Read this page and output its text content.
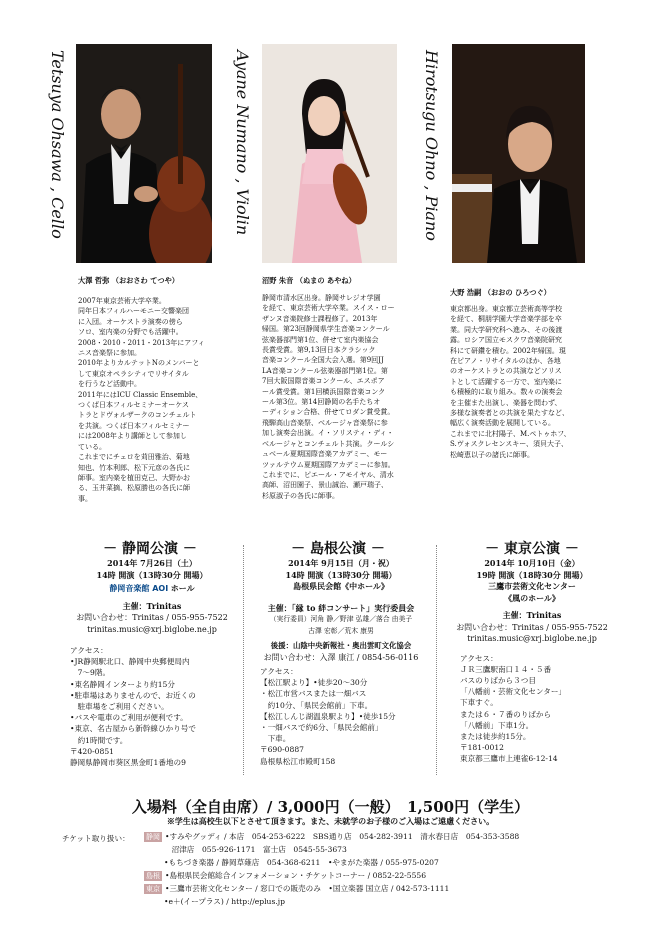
Tetsuya Ohsawa , Cello	Ayane Numano , Violin	Hirotsugu Ohno , Piano
大澤 哲弥 （おおさわ てつや）
2007年東京芸術大学卒業。
同年日本フィルハーモニー交響楽団
に入団。オーケストラ演奏の傍ら
ソロ、室内楽の分野でも活躍中。
2008・2010・2011・2013年にアフィ
ニス音楽祭に参加。
2010年よりカルテットNのメンバーと
して東京オペラシティでリサイタル
を行うなど活動中。
2011年にはICU Classic Ensemble、
つくば日本フィルセミナーオーケス
トラとドヴォルザークのコンチェルト
を共演。つくば日本フィルセミナー
には2008年より講師として参加し
ている。
これまでにチェロを苅田雅治、菊地
知也、竹本利郎、松下元彦の各氏に
師事。室内楽を植田克己、大野かお
る、玉井菜摘、松原勝也の各氏に師
事。
沼野 朱音 （ぬまの あやね）
静岡市清水区出身。静岡サレジオ学園
を経て、東京芸術大学卒業。スイス・ロー
ザンヌ音楽院修士課程修了。2013年
帰国。第23回静岡県学生音楽コンクール
弦楽器部門第1位、併せて室内楽協会
長賞受賞。第9,13回日本クラシック
音楽コンクール全国大会入選。第9回JJ
LA音楽コンクール弦楽器部門第1位。第
7回大阪国際音楽コンクール、エスポア
ール賞受賞。第1回横浜国際音楽コンク
ール第3位。第14回静岡の名手たちオ
ーディション合格、併せてロダン賞受賞。
飛騨高山音楽祭、ベルージャ音楽祭に参
加し演奏会出演。イ・ソリスティ・ディ・
ベルージャとコンチェルト共演。クールシ
ュベール夏期国際音楽アカデミー、モー
ツァルテウム夏期国際アカデミーに参加。
これまでに、ピエール・アモイヤル、清水
高師、沼田園子、景山誠治、瀬戸瑞子、
杉原淑子の各氏に師事。
大野 浩嗣 （おおの ひろつぐ）
東京都出身。東京都立芸術高等学校
を経て、桐朋学園大学音楽学部を卒
業。同大学研究科へ進み、その後渡
露。ロシア国立モスクワ音楽院研究
科にて研鑽を積む。2002年帰国。現
在ピアノ・リサイタルのほか、各地
のオーケストラとの共演などソリス
トとして活躍する一方で、室内楽に
も積極的に取り組み。数々の演奏会
を主催また出演し、楽器を問わず、
多様な演奏者との共演を果たすなど、
幅広く演奏活動を展開している。
これまでに北村陽子、M.ペトゥホフ、
S.ヴォスクレセンスキー、須貝大子、
松崎恵以子の諸氏に師事。
－ 静岡公演 －
2014年 7月26日（土）
14時 開演（13時30分 開場）
静岡音楽館 AOI ホール
主催：Trinitas
お問い合わせ：Trinitas / 055-955-7522
trinitas.music@xrj.biglobe.ne.jp
アクセス：
•JR静岡駅北口、静岡中央郵便局内
　7～9階。
•東名静岡インターより約15分
•駐車場はありませんので、お近くの
　駐車場をご利用ください。
•バスや電車のご利用が便利です。
•東京、名古屋から新幹線ひかり号で
　約1時間です。
〒420-0851
静岡県静岡市葵区黒金町1番地の9
－ 島根公演 －
2014年 9月15日（月・祝）
14時 開演（13時30分 開場）
島根県民会館《中ホール》
主催：「縁 to 絆コンサート」実行委員会
（実行委員）河角 静／野津 弘雄／落合 由美子
古澤 宏彰／荒木 康男
後援：山陰中央新報社・奥出雲町文化協会
お問い合わせ：入澤 康江 / 0854-56-0116
アクセス：
【松江駅より】•徒歩20～30分
・松江市営バスまたは一畑バス
　約10分、「県民会館前」下車。
【松江しんじ湖温泉駅より】•徒歩15分
・一畑バスで約6分、「県民会館前」
　下車。
〒690-0887
島根県松江市殿町158
－ 東京公演 －
2014年 10月10日（金）
19時 開演（18時30分 開場）
三鷹市芸術文化センター
《風のホール》
主催：Trinitas
お問い合わせ：Trinitas / 055-955-7522
trinitas.music@xrj.biglobe.ne.jp
アクセス：
ＪＲ三鷹駅南口１４・５番
バスのりばから３つ目
「八幡前・芸術文化センター」
下車すぐ。
または６・７番のりばから
「八幡前」下車1分。
または徒歩約15分。
〒181-0012
東京都三鷹市上連雀6-12-14
入場料（全自由席）/ 3,000円（一般）　1,500円（学生）
※学生は高校生以下とさせて頂きます。また、未就学のお子様のご入場はご遠慮ください。
チケット取り扱い： 静岡 •すみやグッディ / 本店　054-253-6222　SBS通り店　054-282-3911　清水春日店　054-353-3588
　沼津店　055-926-1171　富士店　0545-55-3673
•もちづき楽器 / 静岡草薙店　054-368-6211　•やまがた楽器 / 055-975-0207
島根 •島根県民会館総合インフォメーション・チケットコーナー / 0852-22-5556
東京 •三鷹市芸術文化センター / 窓口での販売のみ　•国立楽器 国立店 / 042-573-1111
•e＋(イープラス) / http://eplus.jp
